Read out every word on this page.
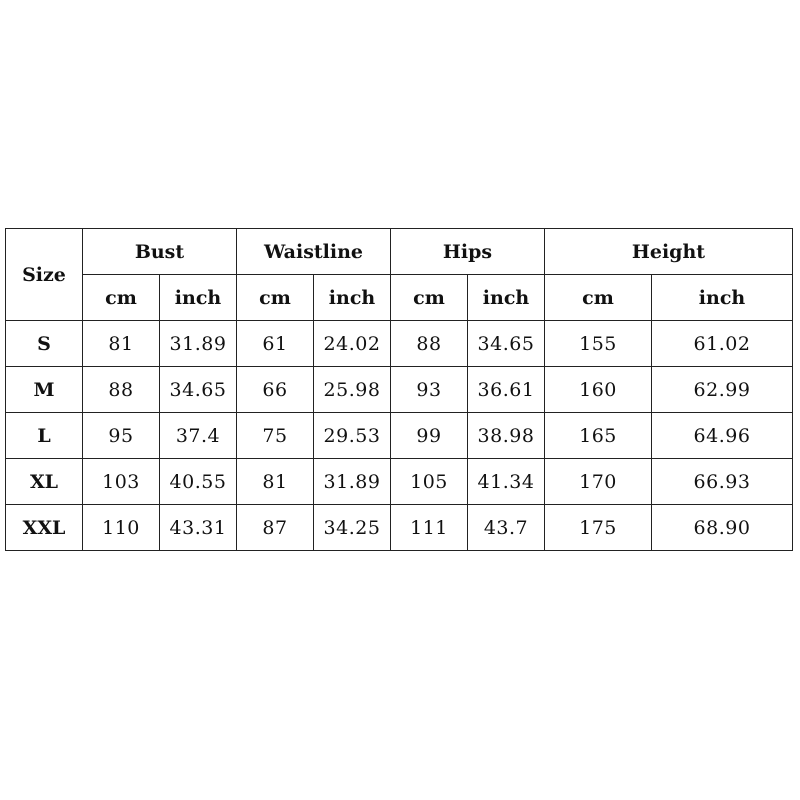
Size	Bust		Waistline		Hips		Height	
	cm	inch	cm	inch	cm	inch	cm	inch
S	81	31.89	61	24.02	88	34.65	155	61.02
M	88	34.65	66	25.98	93	36.61	160	62.99
L	95	37.4	75	29.53	99	38.98	165	64.96
XL	103	40.55	81	31.89	105	41.34	170	66.93
XXL	110	43.31	87	34.25	111	43.7	175	68.90
